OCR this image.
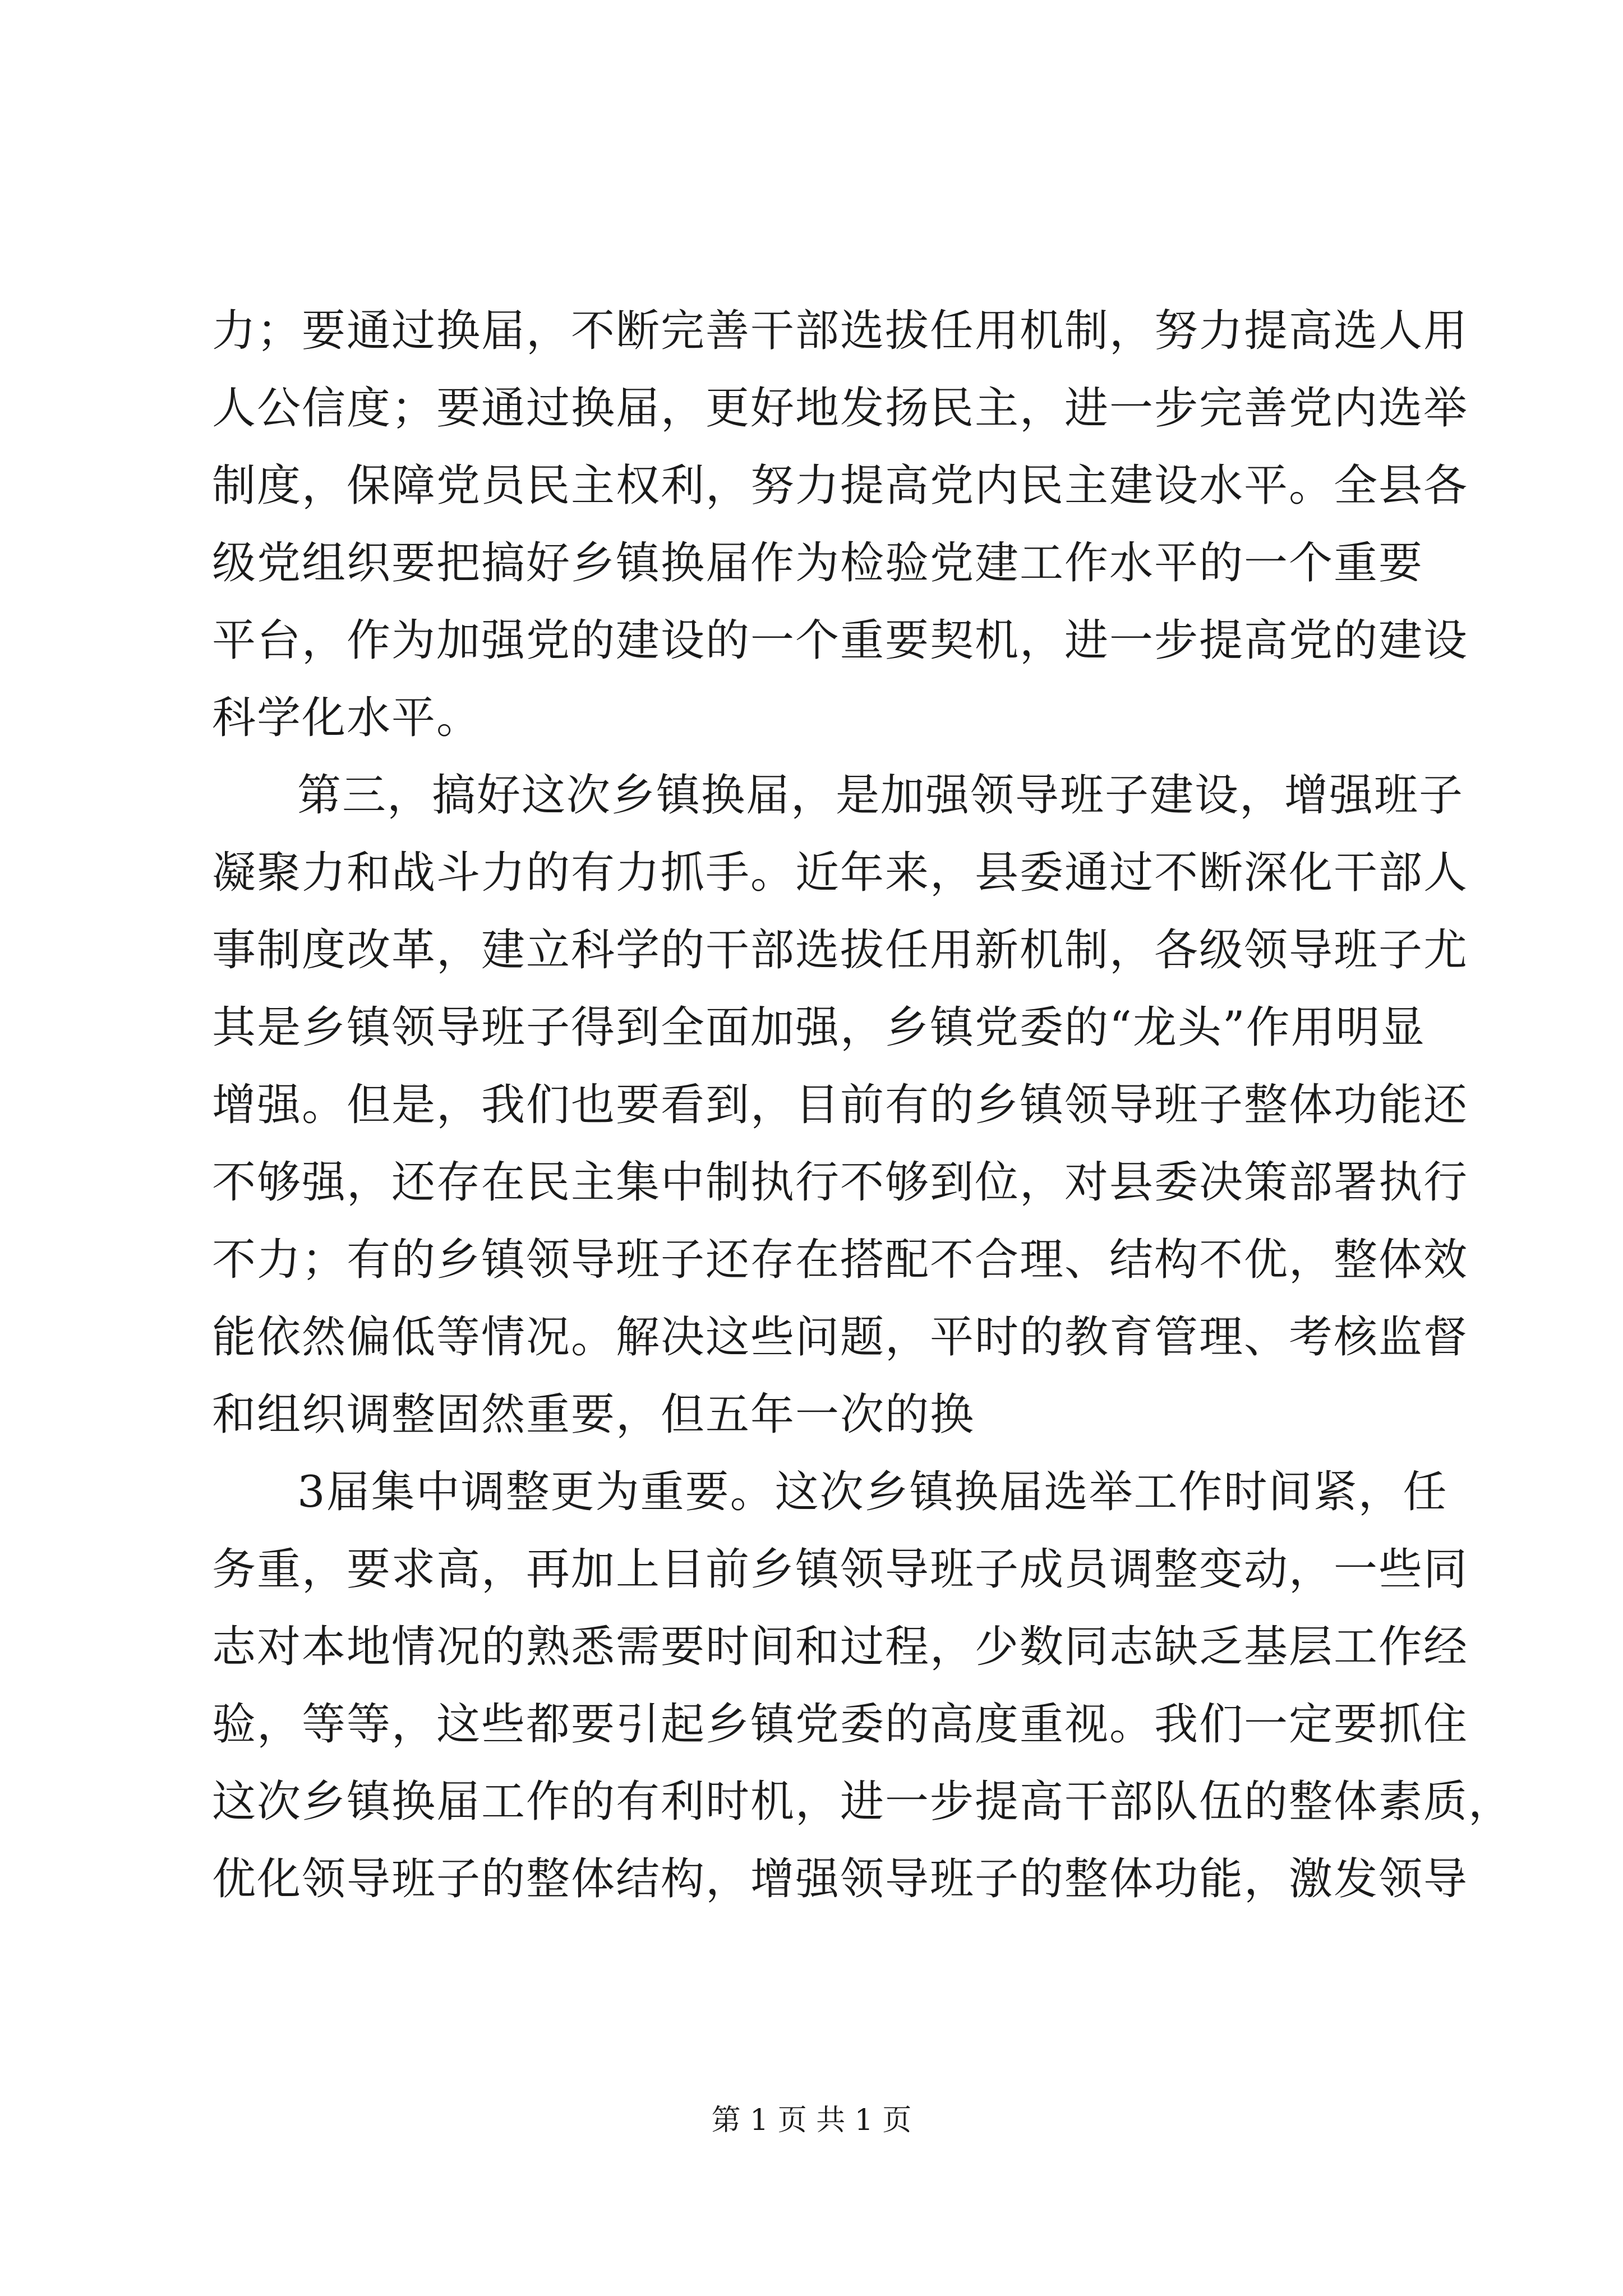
力；要通过换届，不断完善干部选拔任用机制，努力提高选人用
人公信度；要通过换届，更好地发扬民主，进一步完善党内选举
制度，保障党员民主权利，努力提高党内民主建设水平。全县各
级党组织要把搞好乡镇换届作为检验党建工作水平的一个重要
平台，作为加强党的建设的一个重要契机，进一步提高党的建设
科学化水平。
第三，搞好这次乡镇换届，是加强领导班子建设，增强班子
凝聚力和战斗力的有力抓手。近年来，县委通过不断深化干部人
事制度改革，建立科学的干部选拔任用新机制，各级领导班子尤
其是乡镇领导班子得到全面加强，乡镇党委的“龙头”作用明显
增强。但是，我们也要看到，目前有的乡镇领导班子整体功能还
不够强，还存在民主集中制执行不够到位，对县委决策部署执行
不力；有的乡镇领导班子还存在搭配不合理、结构不优，整体效
能依然偏低等情况。解决这些问题，平时的教育管理、考核监督
和组织调整固然重要，但五年一次的换
3届集中调整更为重要。这次乡镇换届选举工作时间紧，任
务重，要求高，再加上目前乡镇领导班子成员调整变动，一些同
志对本地情况的熟悉需要时间和过程，少数同志缺乏基层工作经
验，等等，这些都要引起乡镇党委的高度重视。我们一定要抓住
这次乡镇换届工作的有利时机，进一步提高干部队伍的整体素质，
优化领导班子的整体结构，增强领导班子的整体功能，激发领导
第 1 页 共 1 页
